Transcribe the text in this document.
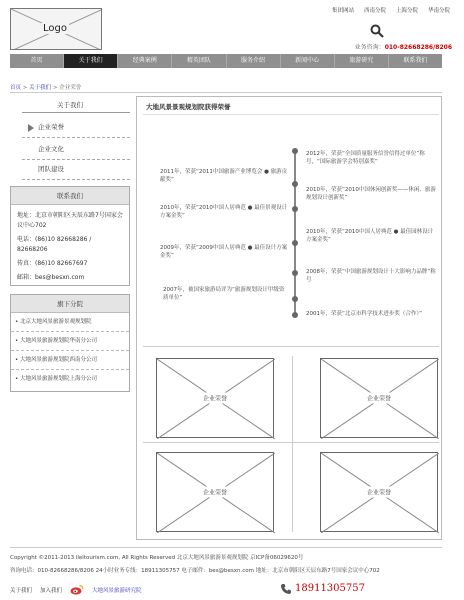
Logo
集团网站 西南分院 上海分院 华南分院
业务咨询：010-82668286/8206
首页	关于我们	经典案例	精英团队	服务介绍	新闻中心	旅游研究	联系我们
首页 > 关于我们 > 企业荣誉
关于我们
企业荣誉
企业文化
团队建设
联系我们

地址：北京市朝阳区天辰东路7号国家会议中心702

电话：(86)10 82668286 / 82668206

传真：(86)10 82667697

邮箱：bes@besxn.com

旗下分院
• 北京大地风景旅游景观规划院
• 大地风景旅游规划院华南分公司
• 大地风景旅游规划院西南分公司
• 大地风景旅游规划院上海分公司
大地风景景观规划院获得荣誉
2012年，荣获“全国质量服务信誉信得过单位”称号，“国际旅游学会特别嘉奖”
2011年，荣获“2011中国旅游产业博览会 ● 旅游贡献奖”
2010年，荣获“2010中国休闲创新奖——休闲、旅游规划设计创新奖”
2010年，荣获“2010中国人居典范 ● 最佳景观设计方案金奖”
2010年，荣获“2010中国人居典范 ● 最佳园林设计方案金奖”
2009年，荣获“2009中国人居典范 ● 最佳设计方案金奖”
2008年，荣获“中国旅游规划设计十大影响力品牌”称号
2007年，被国家旅游局评为“旅游规划设计甲级资质单位”
2001年，荣获“北京市科学技术进步奖（合作）”
企业荣誉	企业荣誉
企业荣誉	企业荣誉
Copyright ©2011-2013 lleltourism.com, All Rights Reserved 北京大地风景旅游景观规划院 京ICP备06029620号
咨询电话：010-82668286/8206 24小时业务专线：18911305757 电子邮件：bes@besxn.com 地址：北京市朝阳区天辰东路7号国家会议中心702
关于我们 加入我们	大地风景旅游研究院	18911305757
